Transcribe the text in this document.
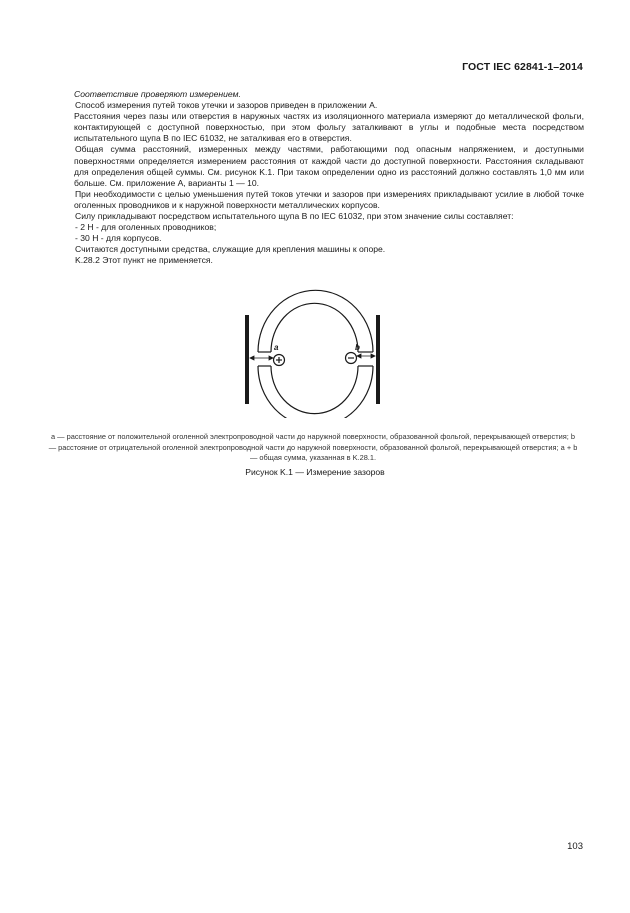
ГОСТ IEC 62841-1–2014

Соответствие проверяют измерением.

Способ измерения путей токов утечки и зазоров приведен в приложении A.

Расстояния через пазы или отверстия в наружных частях из изоляционного материала измеряют до металлической фольги, контактирующей с доступной поверхностью, при этом фольгу заталкивают в углы и подобные места посредством испытательного щупа B по IEC 61032, не заталкивая его в отверстия.

Общая сумма расстояний, измеренных между частями, работающими под опасным напряжением, и доступными поверхностями определяется измерением расстояния от каждой части до доступной поверхности. Расстояния складывают для определения общей суммы. См. рисунок K.1. При таком определении одно из расстояний должно составлять 1,0 мм или больше. См. приложение A, варианты 1 — 10.

При необходимости с целью уменьшения путей токов утечки и зазоров при измерениях прикладывают усилие в любой точке оголенных проводников и к наружной поверхности металлических корпусов.

Силу прикладывают посредством испытательного щупа B по IEC 61032, при этом значение силы составляет:

- 2 Н - для оголенных проводников;

- 30 Н - для корпусов.

Считаются доступными средства, служащие для крепления машины к опоре.

K.28.2 Этот пункт не применяется.

a	b
a — расстояние от положительной оголенной электропроводной части до наружной поверхности, образованной фольгой, перекрывающей отверстия; b — расстояние от отрицательной оголенной электропроводной части до наружной поверхности, образованной фольгой, перекрывающей отверстия; a + b — общая сумма, указанная в K.28.1.
Рисунок K.1 — Измерение зазоров
103
